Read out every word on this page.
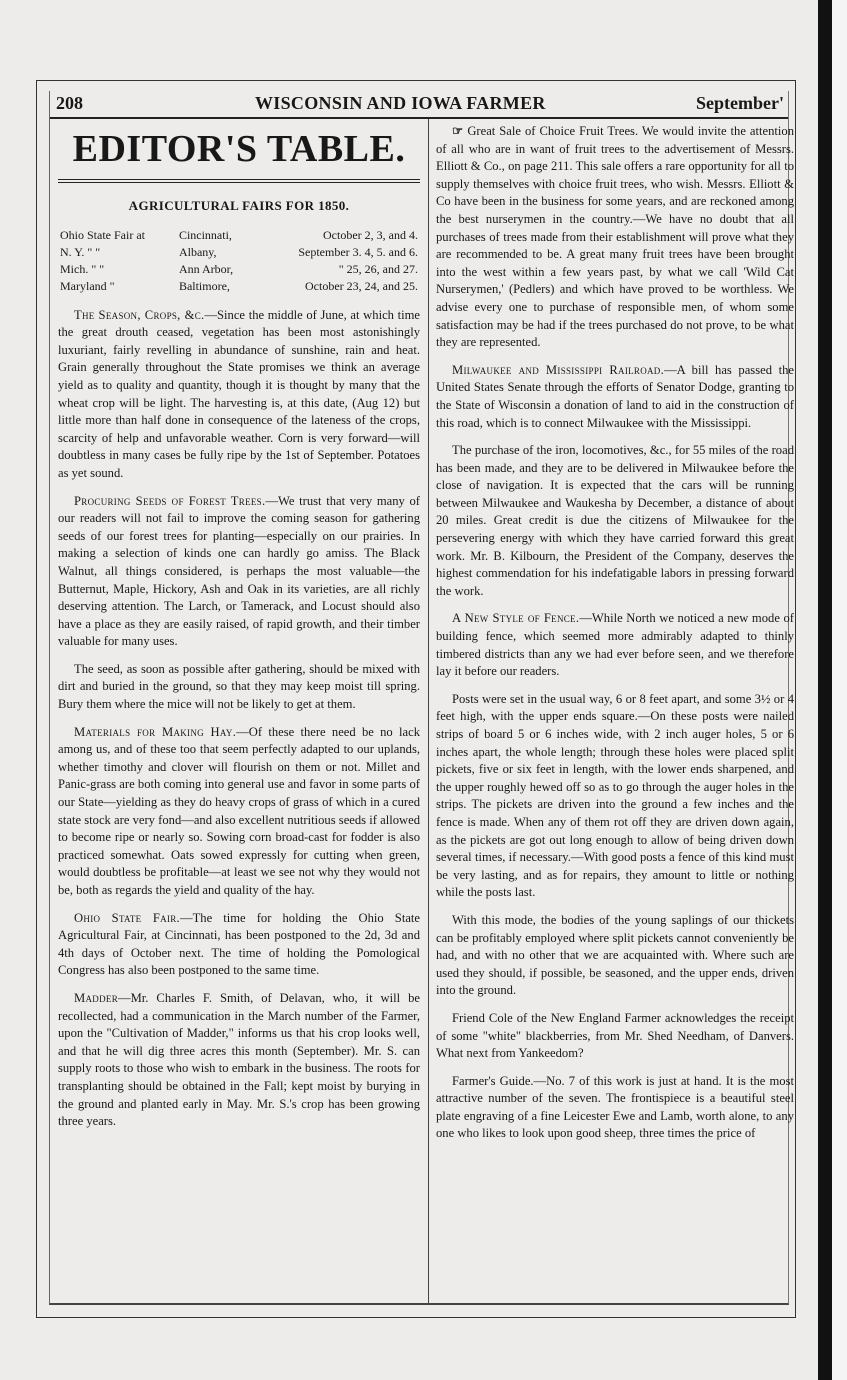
208	WISCONSIN AND IOWA FARMER	September'
EDITOR'S TABLE.
AGRICULTURAL FAIRS FOR 1850.
Ohio State Fair at	Cincinnati,	October 2, 3, and 4.
N. Y. " "	Albany,	September 3. 4, 5. and 6.
Mich. " "	Ann Arbor,	" 25, 26, and 27.
Maryland "	Baltimore,	October 23, 24, and 25.

The Season, Crops, &c.—Since the middle of June, at which time the great drouth ceased, vegetation has been most astonishingly luxuriant, fairly revelling in abundance of sunshine, rain and heat. Grain generally throughout the State promises we think an average yield as to quality and quantity, though it is thought by many that the wheat crop will be light. The harvesting is, at this date, (Aug 12) but little more than half done in consequence of the lateness of the crops, scarcity of help and unfavorable weather. Corn is very forward—will doubtless in many cases be fully ripe by the 1st of September. Potatoes as yet sound.

Procuring Seeds of Forest Trees.—We trust that very many of our readers will not fail to improve the coming season for gathering seeds of our forest trees for planting—especially on our prairies. In making a selection of kinds one can hardly go amiss. The Black Walnut, all things considered, is perhaps the most valuable—the Butternut, Maple, Hickory, Ash and Oak in its varieties, are all richly deserving attention. The Larch, or Tamerack, and Locust should also have a place as they are easily raised, of rapid growth, and their timber valuable for many uses.

The seed, as soon as possible after gathering, should be mixed with dirt and buried in the ground, so that they may keep moist till spring. Bury them where the mice will not be likely to get at them.

Materials for Making Hay.—Of these there need be no lack among us, and of these too that seem perfectly adapted to our uplands, whether timothy and clover will flourish on them or not. Millet and Panic-grass are both coming into general use and favor in some parts of our State—yielding as they do heavy crops of grass of which in a cured state stock are very fond—and also excellent nutritious seeds if allowed to become ripe or nearly so. Sowing corn broad-cast for fodder is also practiced somewhat. Oats sowed expressly for cutting when green, would doubtless be profitable—at least we see not why they would not be, both as regards the yield and quality of the hay.

Ohio State Fair.—The time for holding the Ohio State Agricultural Fair, at Cincinnati, has been postponed to the 2d, 3d and 4th days of October next. The time of holding the Pomological Congress has also been postponed to the same time.

Madder—Mr. Charles F. Smith, of Delavan, who, it will be recollected, had a communication in the March number of the Farmer, upon the "Cultivation of Madder," informs us that his crop looks well, and that he will dig three acres this month (September). Mr. S. can supply roots to those who wish to embark in the business. The roots for transplanting should be obtained in the Fall; kept moist by burying in the ground and planted early in May. Mr. S.'s crop has been growing three years.

☞ Great Sale of Choice Fruit Trees. We would invite the attention of all who are in want of fruit trees to the advertisement of Messrs. Elliott & Co., on page 211. This sale offers a rare opportunity for all to supply themselves with choice fruit trees, who wish. Messrs. Elliott & Co have been in the business for some years, and are reckoned among the best nurserymen in the country.—We have no doubt that all purchases of trees made from their establishment will prove what they are recommended to be. A great many fruit trees have been brought into the west within a few years past, by what we call 'Wild Cat Nurserymen,' (Pedlers) and which have proved to be worthless. We advise every one to purchase of responsible men, of whom some satisfaction may be had if the trees purchased do not prove, to be what they are represented.

Milwaukee and Mississippi Railroad.—A bill has passed the United States Senate through the efforts of Senator Dodge, granting to the State of Wisconsin a donation of land to aid in the construction of this road, which is to connect Milwaukee with the Mississippi.

The purchase of the iron, locomotives, &c., for 55 miles of the road has been made, and they are to be delivered in Milwaukee before the close of navigation. It is expected that the cars will be running between Milwaukee and Waukesha by December, a distance of about 20 miles. Great credit is due the citizens of Milwaukee for the persevering energy with which they have carried forward this great work. Mr. B. Kilbourn, the President of the Company, deserves the highest commendation for his indefatigable labors in pressing forward the work.

A New Style of Fence.—While North we noticed a new mode of building fence, which seemed more admirably adapted to thinly timbered districts than any we had ever before seen, and we therefore lay it before our readers.

Posts were set in the usual way, 6 or 8 feet apart, and some 3½ or 4 feet high, with the upper ends square.—On these posts were nailed strips of board 5 or 6 inches wide, with 2 inch auger holes, 5 or 6 inches apart, the whole length; through these holes were placed split pickets, five or six feet in length, with the lower ends sharpened, and the upper roughly hewed off so as to go through the auger holes in the strips. The pickets are driven into the ground a few inches and the fence is made. When any of them rot off they are driven down again, as the pickets are got out long enough to allow of being driven down several times, if necessary.—With good posts a fence of this kind must be very lasting, and as for repairs, they amount to little or nothing while the posts last.

With this mode, the bodies of the young saplings of our thickets can be profitably employed where split pickets cannot conveniently be had, and with no other that we are acquainted with. Where such are used they should, if possible, be seasoned, and the upper ends, driven into the ground.

Friend Cole of the New England Farmer acknowledges the receipt of some "white" blackberries, from Mr. Shed Needham, of Danvers. What next from Yankeedom?

Farmer's Guide.—No. 7 of this work is just at hand. It is the most attractive number of the seven. The frontispiece is a beautiful steel plate engraving of a fine Leicester Ewe and Lamb, worth alone, to any one who likes to look upon good sheep, three times the price of
